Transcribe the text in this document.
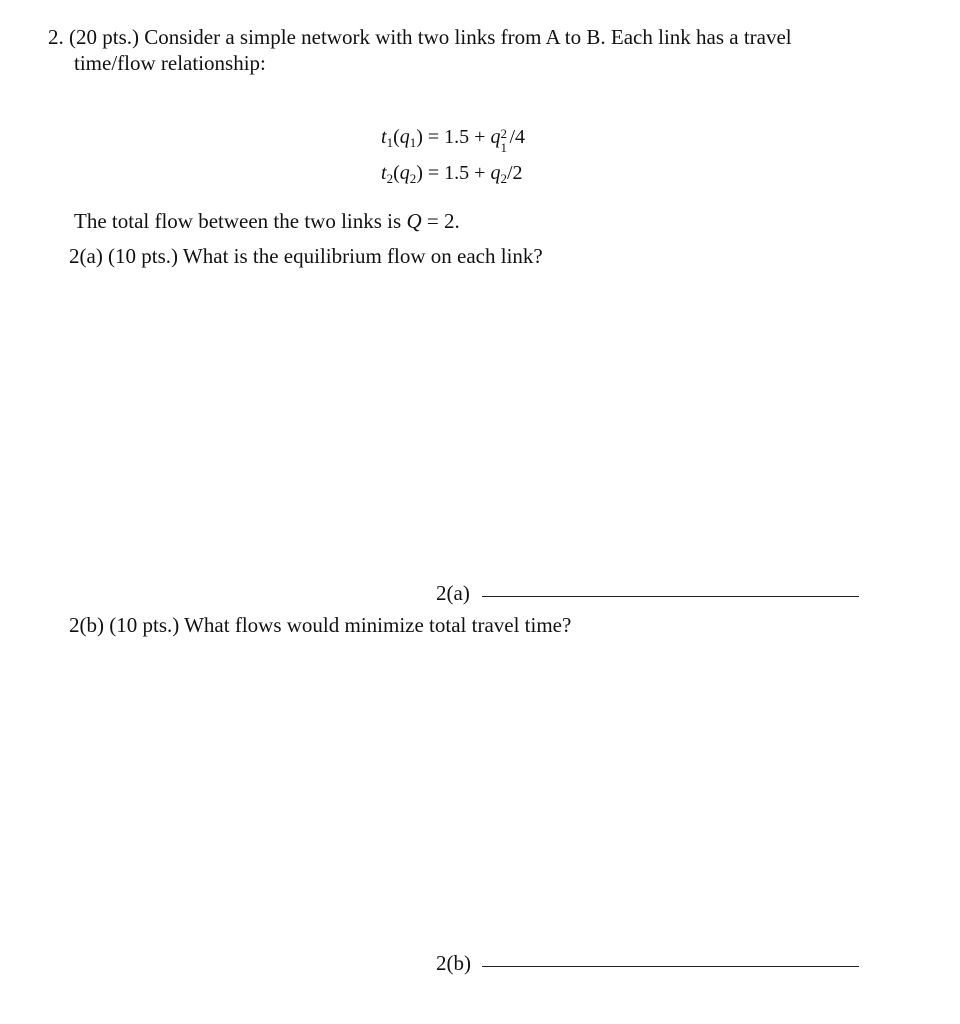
2. (20 pts.) Consider a simple network with two links from A to B. Each link has a travel
time/flow relationship:
$t_1(q_1) = 1.5 + q$ 2
1 /4
$t_2(q_2) = 1.5 + q_2/2$
The total flow between the two links is Q = 2.
2(a) (10 pts.) What is the equilibrium flow on each link?
2(a)
2(b) (10 pts.) What flows would minimize total travel time?
2(b)
